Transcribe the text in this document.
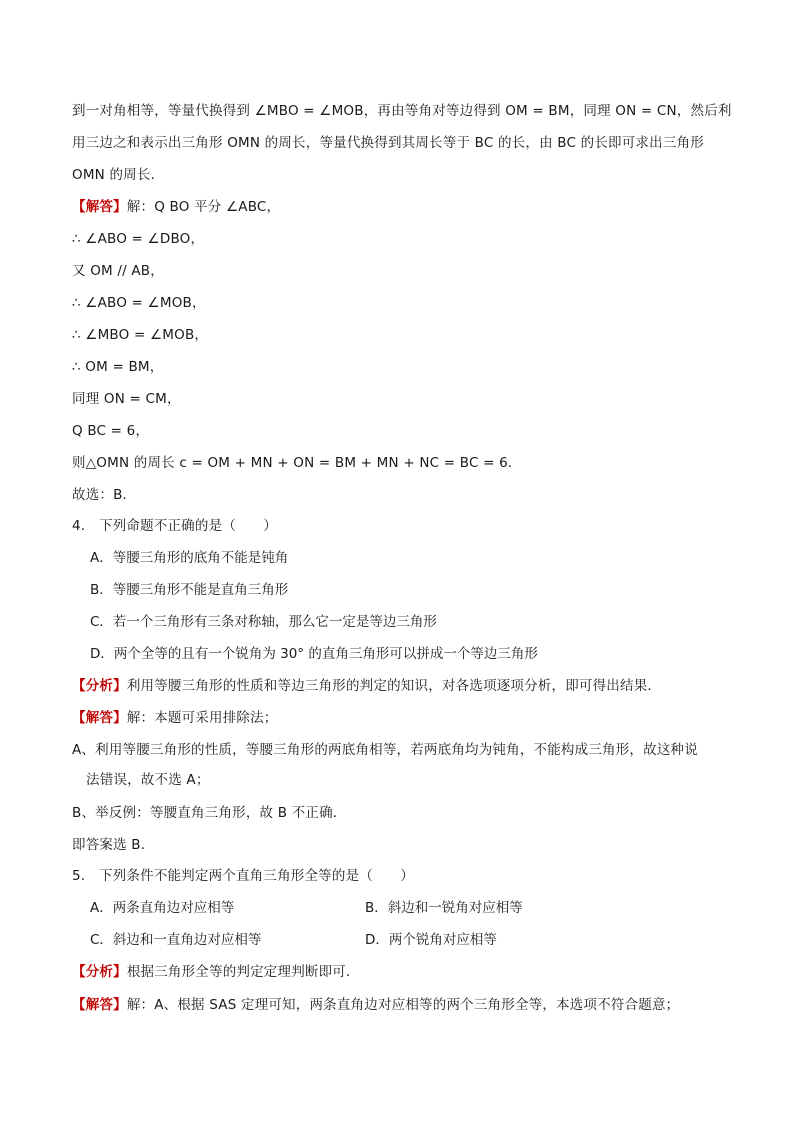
到一对角相等，等量代换得到 ∠MBO = ∠MOB，再由等角对等边得到 OM = BM，同理 ON = CN，然后利
用三边之和表示出三角形 OMN 的周长，等量代换得到其周长等于 BC 的长，由 BC 的长即可求出三角形
OMN 的周长．
【解答】解：Q BO 平分 ∠ABC，
∴ ∠ABO = ∠DBO，
又 OM // AB，
∴ ∠ABO = ∠MOB，
∴ ∠MBO = ∠MOB，
∴ OM = BM，
同理 ON = CM，
Q BC = 6，
则△OMN 的周长 c = OM + MN + ON = BM + MN + NC = BC = 6．
故选：B．
4.　下列命题不正确的是（　　）
A．等腰三角形的底角不能是钝角
B．等腰三角形不能是直角三角形
C．若一个三角形有三条对称轴，那么它一定是等边三角形
D．两个全等的且有一个锐角为 30° 的直角三角形可以拼成一个等边三角形
【分析】利用等腰三角形的性质和等边三角形的判定的知识，对各选项逐项分析，即可得出结果．
【解答】解：本题可采用排除法；
A、利用等腰三角形的性质，等腰三角形的两底角相等，若两底角均为钝角，不能构成三角形，故这种说
法错误，故不选 A；
B、举反例：等腰直角三角形，故 B 不正确．
即答案选 B．
5.　下列条件不能判定两个直角三角形全等的是（　　）
A．两条直角边对应相等	B．斜边和一锐角对应相等
C．斜边和一直角边对应相等	D．两个锐角对应相等
【分析】根据三角形全等的判定定理判断即可．
【解答】解：A、根据 SAS 定理可知，两条直角边对应相等的两个三角形全等，本选项不符合题意；
